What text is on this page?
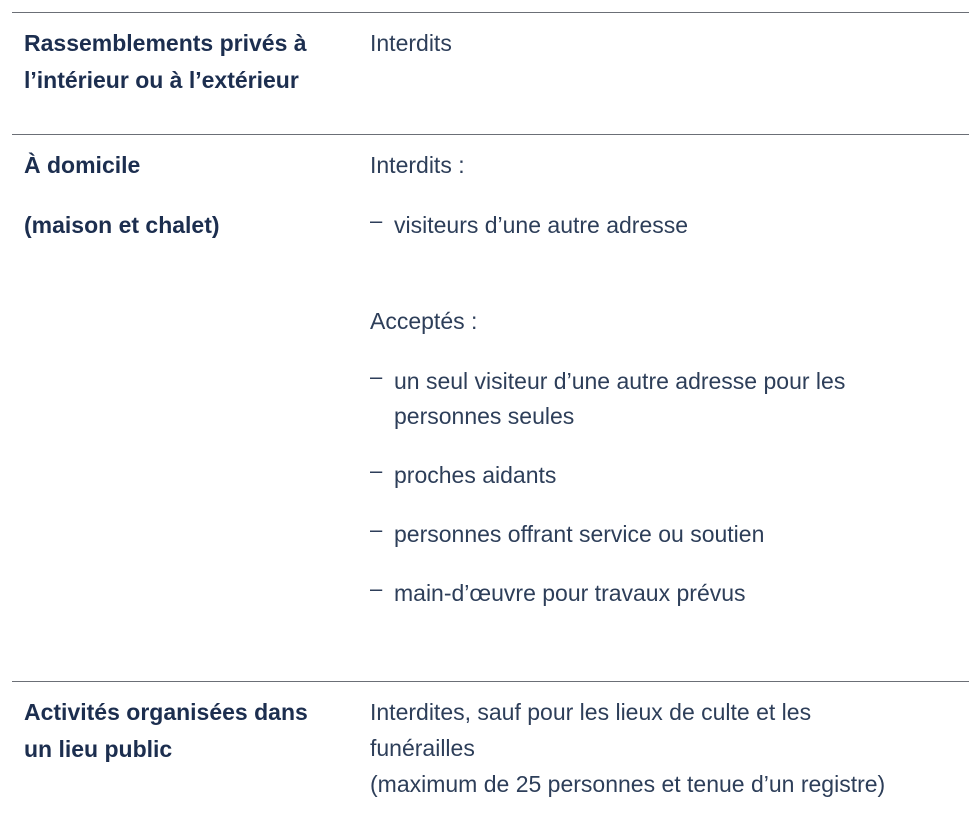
Rassemblements privés à
l’intérieur ou à l’extérieur
Interdits
À domicile
(maison et chalet)
Interdits :
– visiteurs d’une autre adresse
Acceptés :
– un seul visiteur d’une autre adresse pour les
personnes seules
– proches aidants
– personnes offrant service ou soutien
– main-d’œuvre pour travaux prévus
Activités organisées dans
un lieu public
Interdites, sauf pour les lieux de culte et les
funérailles
(maximum de 25 personnes et tenue d’un registre)
